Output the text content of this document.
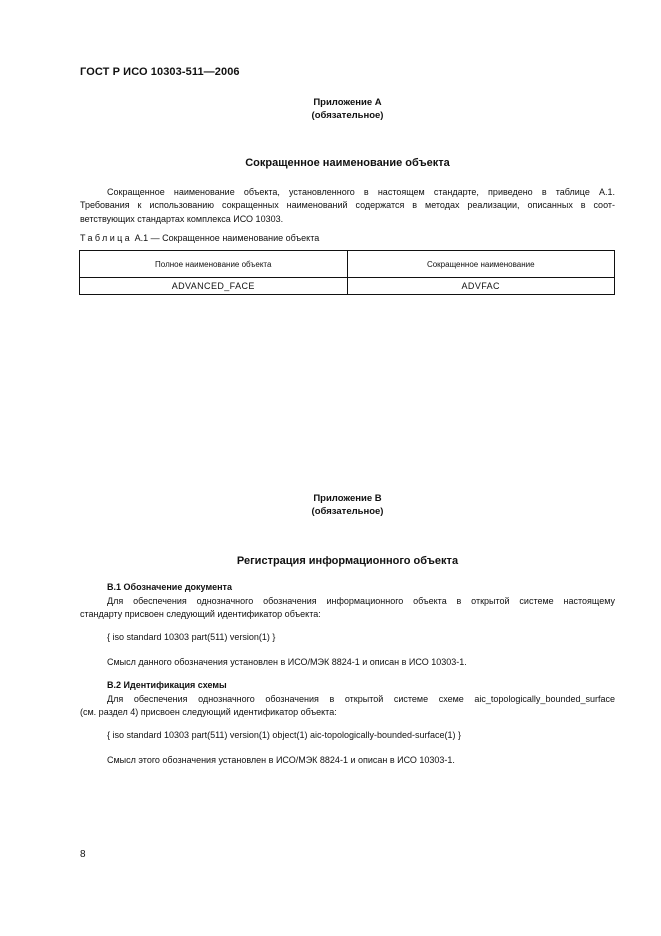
ГОСТ Р ИСО 10303-511—2006
Приложение А
(обязательное)
Сокращенное наименование объекта
Сокращенное наименование объекта, установленного в настоящем стандарте, приведено в таблице А.1.
Требования к использованию сокращенных наименований содержатся в методах реализации, описанных в соот-
ветствующих стандартах комплекса ИСО 10303.
Таблица А.1 — Сокращенное наименование объекта
Полное наименование объекта	Сокращенное наименование
ADVANCED_FACE	ADVFAC
Приложение В
(обязательное)
Регистрация информационного объекта
В.1 Обозначение документа
Для обеспечения однозначного обозначения информационного объекта в открытой системе настоящему
стандарту присвоен следующий идентификатор объекта:
{ iso standard 10303 part(511) version(1) }
Смысл данного обозначения установлен в ИСО/МЭК 8824-1 и описан в ИСО 10303-1.
В.2 Идентификация схемы
Для обеспечения однозначного обозначения в открытой системе схеме aic_topologically_bounded_surface
(см. раздел 4) присвоен следующий идентификатор объекта:
{ iso standard 10303 part(511) version(1) object(1) aic-topologically-bounded-surface(1) }
Смысл этого обозначения установлен в ИСО/МЭК 8824-1 и описан в ИСО 10303-1.
8
